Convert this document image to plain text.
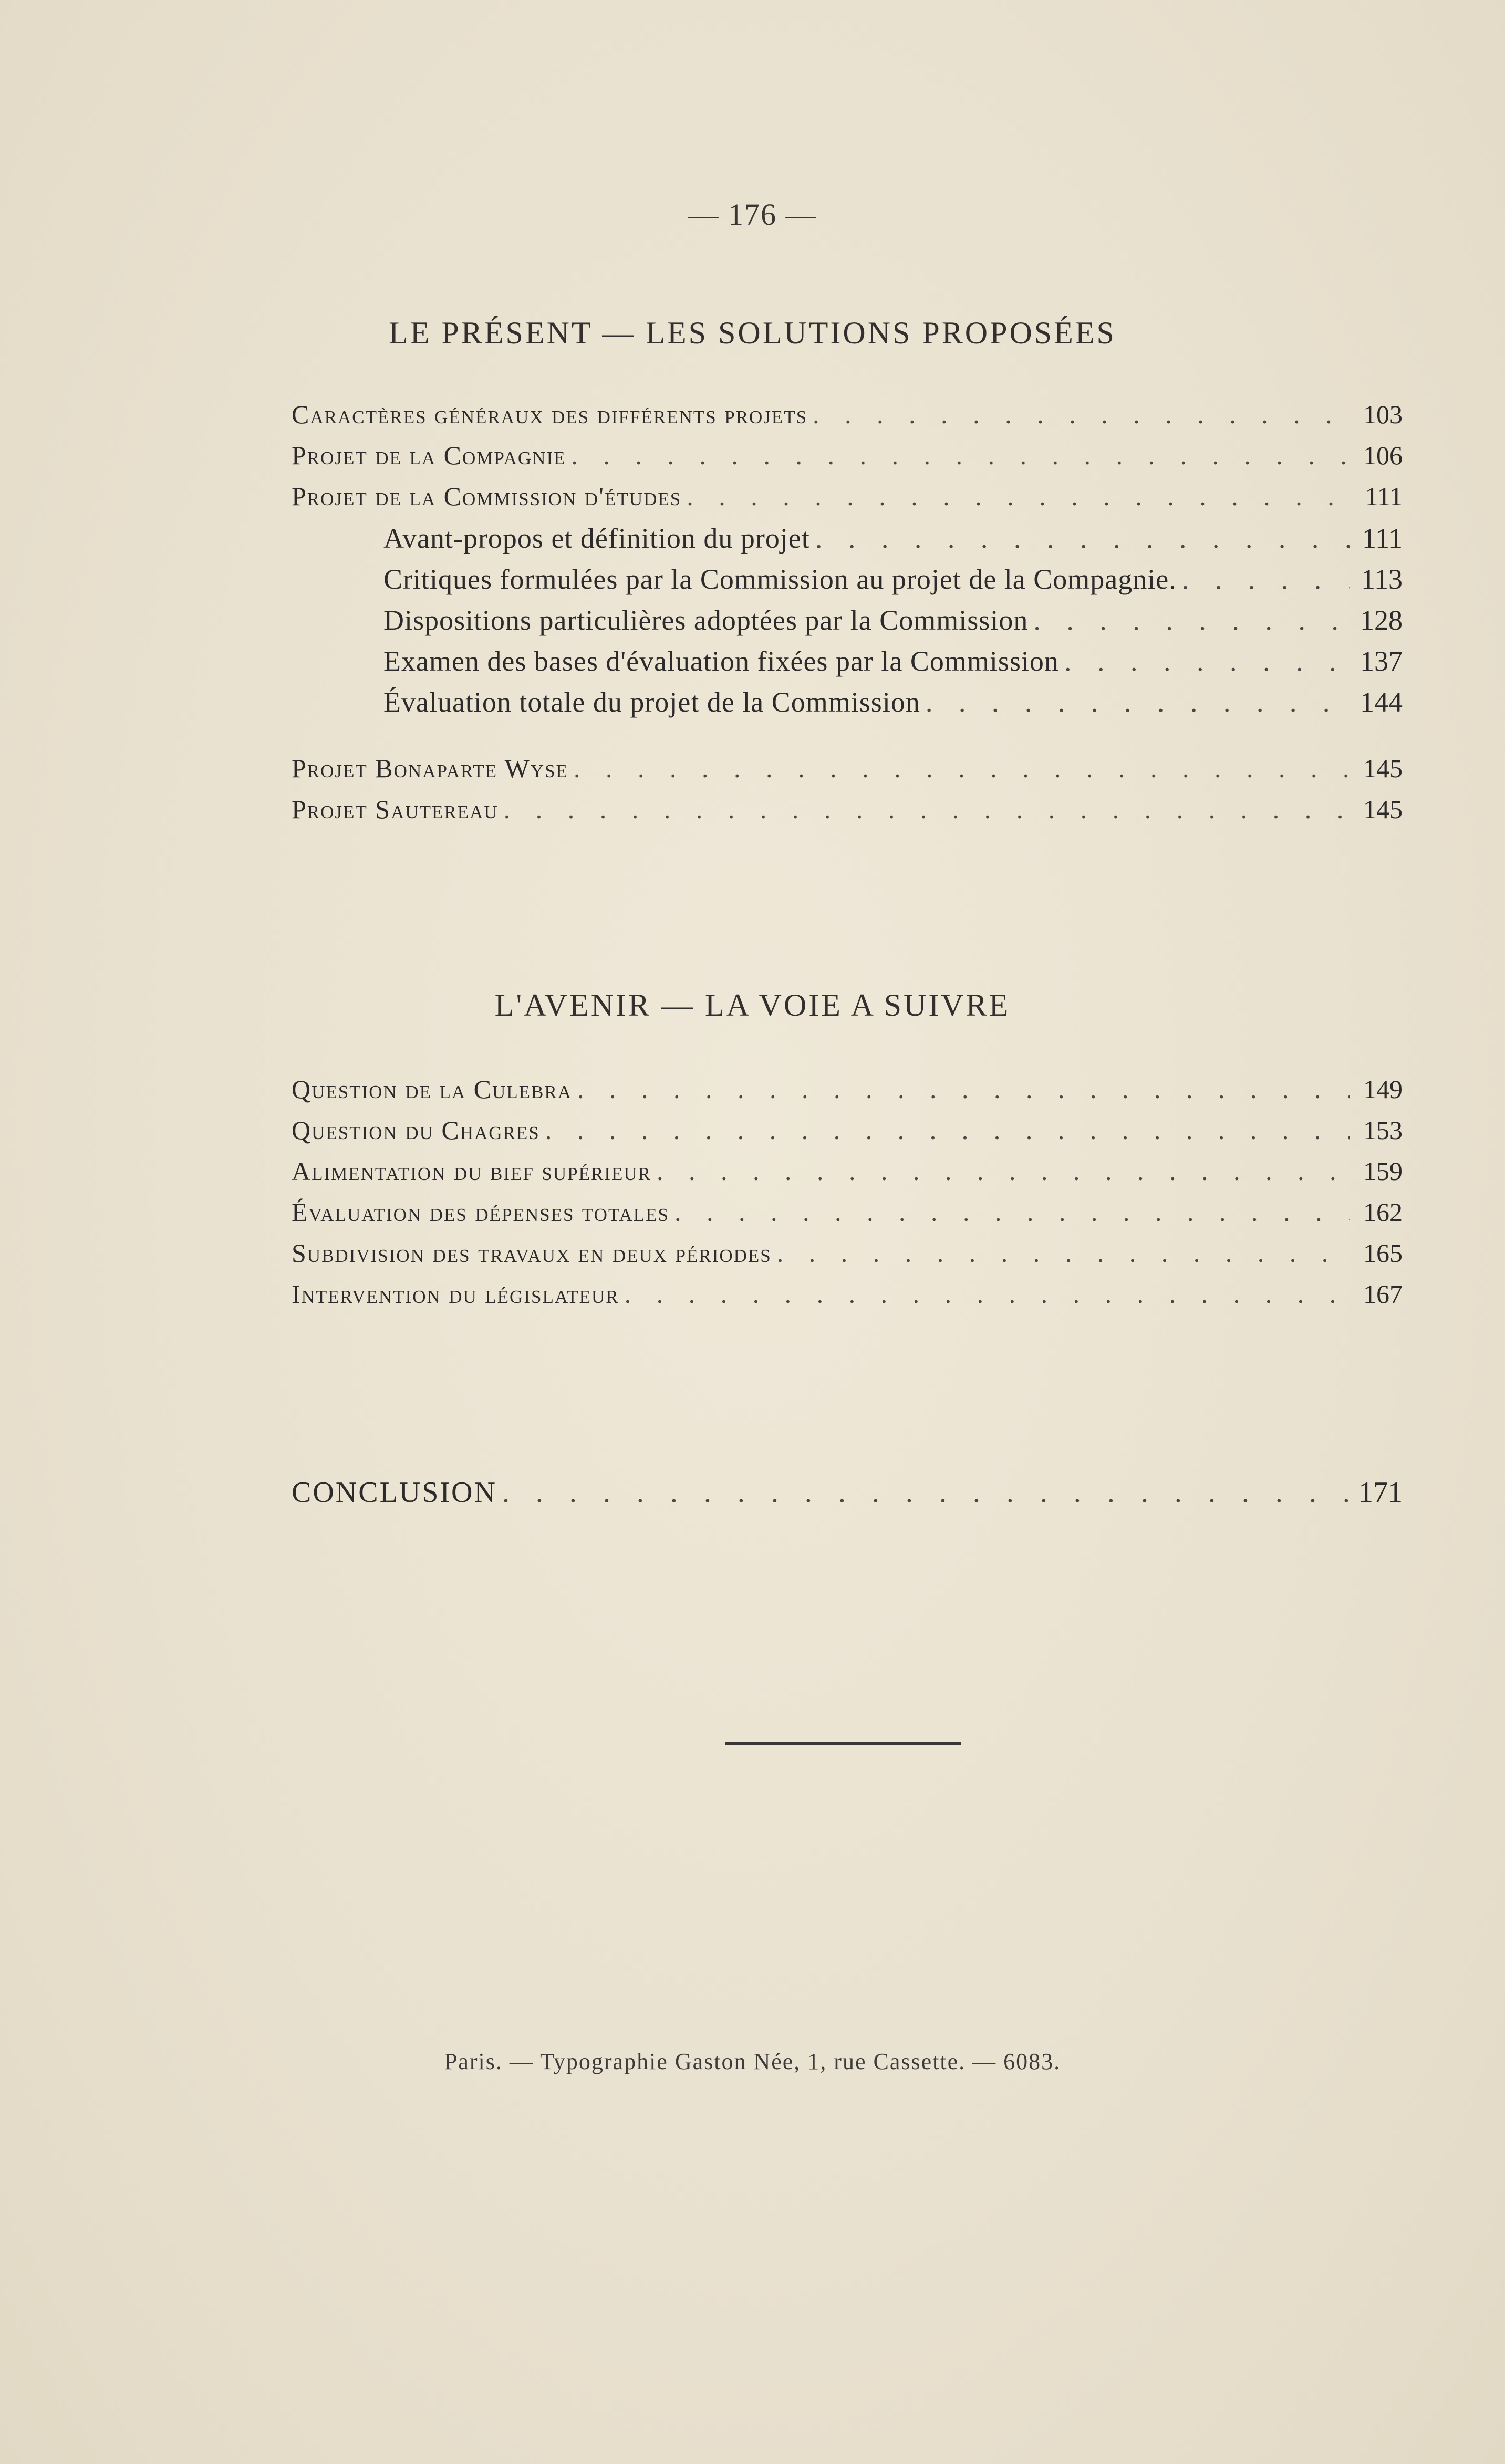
— 176 —
LE PRÉSENT — LES SOLUTIONS PROPOSÉES
Caractères généraux des différents projets . . .	103
Projet de la Compagnie . . .	106
Projet de la Commission d'études . . .	111
Avant-propos et définition du projet . . .	111
Critiques formulées par la Commission au projet de la Compagnie. . . .	113
Dispositions particulières adoptées par la Commission . . .	128
Examen des bases d'évaluation fixées par la Commission . . .	137
Évaluation totale du projet de la Commission . . .	144
Projet Bonaparte Wyse . . .	145
Projet Sautereau . . .	145
L'AVENIR — LA VOIE A SUIVRE
Question de la Culebra . . .	149
Question du Chagres . . .	153
Alimentation du bief supérieur . . .	159
Évaluation des dépenses totales . . .	162
Subdivision des travaux en deux périodes . . .	165
Intervention du législateur . . .	167
CONCLUSION . . .	171
Paris. — Typographie Gaston Née, 1, rue Cassette. — 6083.
